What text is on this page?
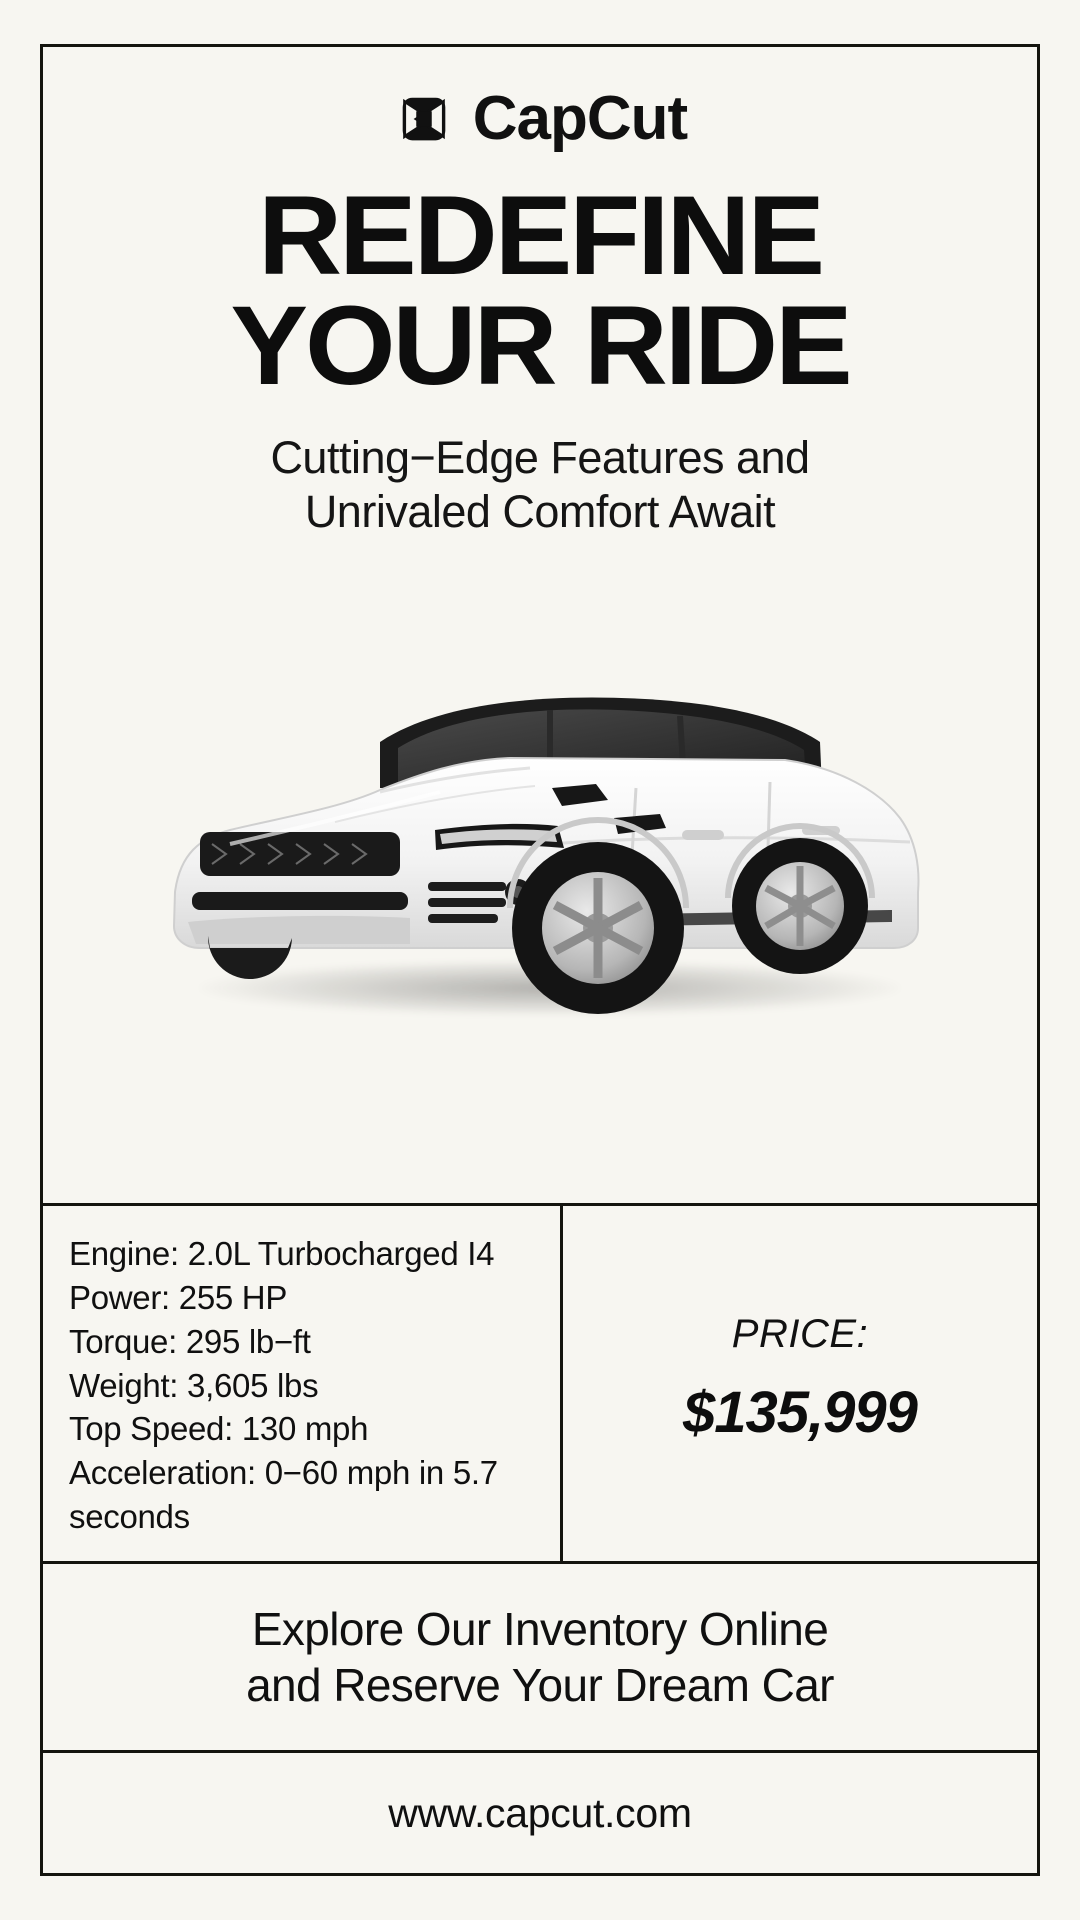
CapCut
REDEFINE
YOUR RIDE
Cutting−Edge Features and
Unrivaled Comfort Await
Engine: 2.0L Turbocharged I4
Power: 255 HP
Torque: 295 lb−ft
Weight: 3,605 lbs
Top Speed: 130 mph
Acceleration: 0−60 mph in 5.7 seconds
PRICE:
$135,999
Explore Our Inventory Online
and Reserve Your Dream Car
www.capcut.com
